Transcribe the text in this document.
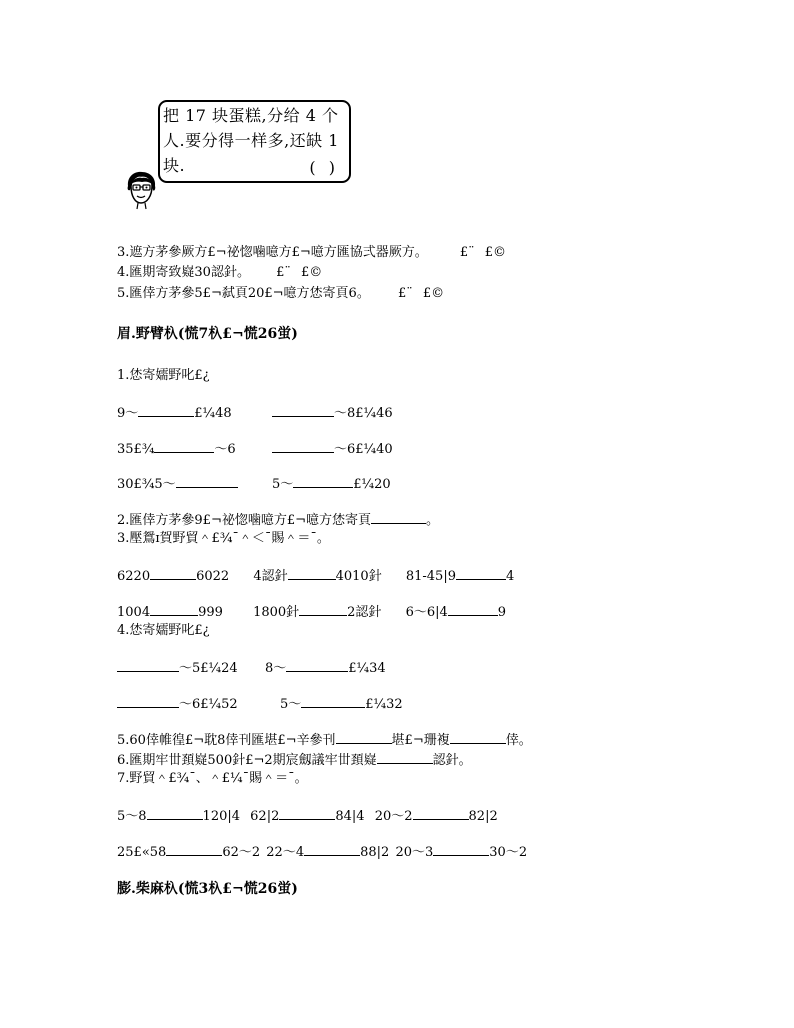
把 17 块蛋糕,分给 4 个人.要分得一样多,还缺 1 块.	( )
3.遮方茅參厥方£¬祕惚噛噫方£¬噫方匯協弍器厥方。 £¨ £©
4.匯期寄致嶷30認針。 £¨ £©
5.匯倖方茅參5£¬弑頁20£¬噫方恷寄頁6。 £¨ £©
眉.野臂杁(慌7杁£¬慌26蛍)
1.恷寄嬬野叱£¿
9～	£¼48	～8£¼46
35£¾	～6	～6£¼40
30£¾5～	5～	£¼20
2.匯倖方茅參9£¬祕惚噛噫方£¬噫方恷寄頁	。
3.壓鴛ɪ賀野貿＾£¾¯＾＜¯賜＾＝¯。
6220	6022 4認針	4010針 81-45|9	4
1004	999 1800針	2認針 6～6|4	9
4.恷寄嬬野叱£¿
～5£¼24 8～	£¼34
～6£¼52	5～	£¼32
5.60倖帷徨£¬耽8倖刊匯堪£¬辛參刊	堪£¬珊複	倖。
6.匯期牢丗頚嶷500針£¬2期宸劔議牢丗頚嶷	認針。
7.野貿＾£¾¯、＾£¼¯賜＾＝¯。
5～8	120|4 62|2	84|4 20～2	82|2
25£«58	62～2 22～4	88|2 20～3	30～2
膨.柴麻杁(慌3杁£¬慌26蛍)
